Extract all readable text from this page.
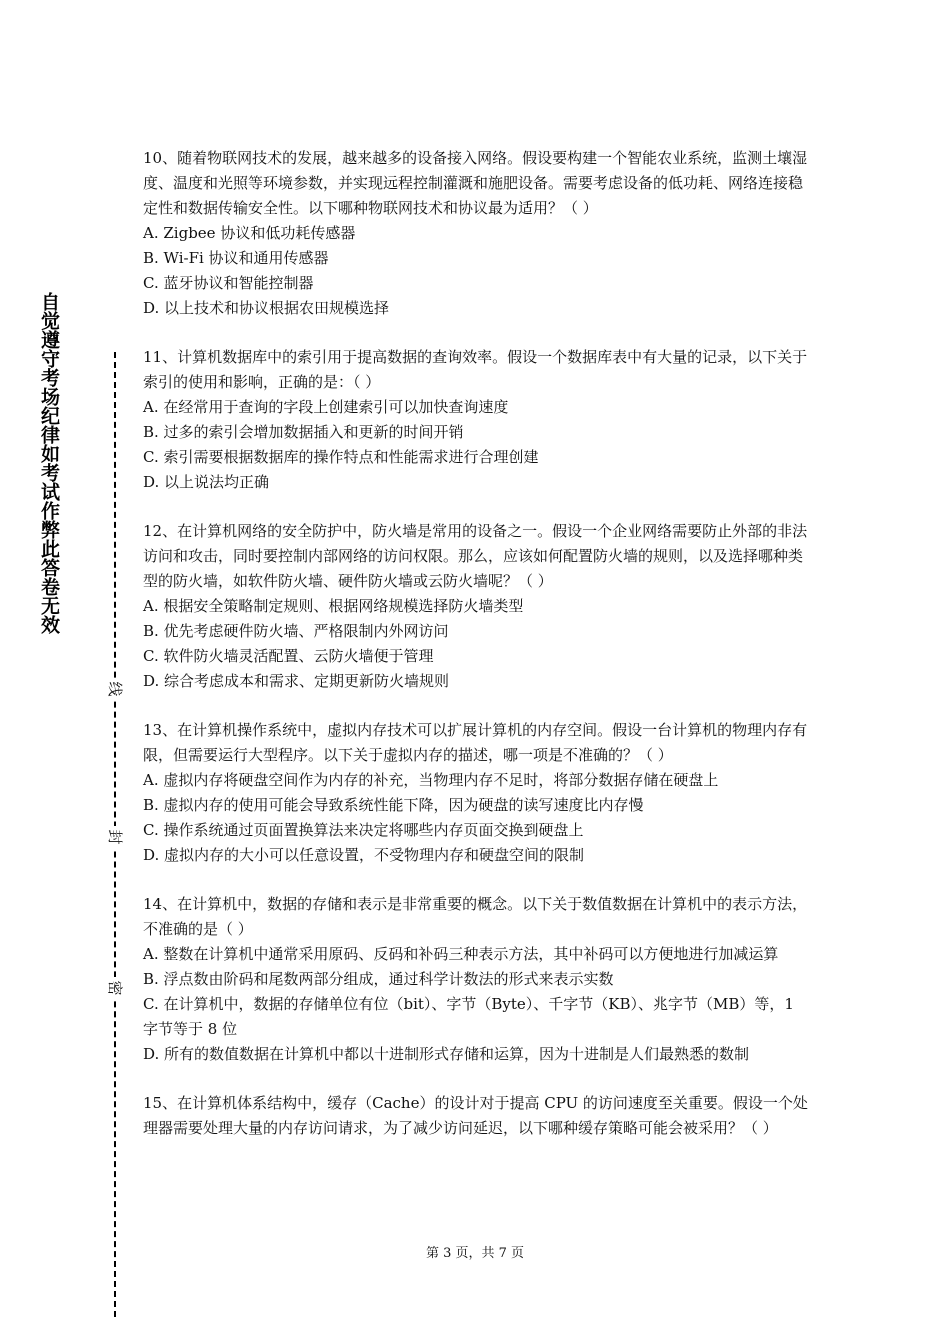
自觉遵守考场纪律如考试作弊此答卷无效
线
封
密

10、随着物联网技术的发展，越来越多的设备接入网络。假设要构建一个智能农业系统，监测土壤湿度、温度和光照等环境参数，并实现远程控制灌溉和施肥设备。需要考虑设备的低功耗、网络连接稳定性和数据传输安全性。以下哪种物联网技术和协议最为适用？（ ）

A. Zigbee 协议和低功耗传感器

B. Wi-Fi 协议和通用传感器

C. 蓝牙协议和智能控制器

D. 以上技术和协议根据农田规模选择

11、计算机数据库中的索引用于提高数据的查询效率。假设一个数据库表中有大量的记录，以下关于索引的使用和影响，正确的是：（ ）

A. 在经常用于查询的字段上创建索引可以加快查询速度

B. 过多的索引会增加数据插入和更新的时间开销

C. 索引需要根据数据库的操作特点和性能需求进行合理创建

D. 以上说法均正确

12、在计算机网络的安全防护中，防火墙是常用的设备之一。假设一个企业网络需要防止外部的非法访问和攻击，同时要控制内部网络的访问权限。那么，应该如何配置防火墙的规则，以及选择哪种类型的防火墙，如软件防火墙、硬件防火墙或云防火墙呢？（ ）

A. 根据安全策略制定规则、根据网络规模选择防火墙类型

B. 优先考虑硬件防火墙、严格限制内外网访问

C. 软件防火墙灵活配置、云防火墙便于管理

D. 综合考虑成本和需求、定期更新防火墙规则

13、在计算机操作系统中，虚拟内存技术可以扩展计算机的内存空间。假设一台计算机的物理内存有限，但需要运行大型程序。以下关于虚拟内存的描述，哪一项是不准确的？（ ）

A. 虚拟内存将硬盘空间作为内存的补充，当物理内存不足时，将部分数据存储在硬盘上

B. 虚拟内存的使用可能会导致系统性能下降，因为硬盘的读写速度比内存慢

C. 操作系统通过页面置换算法来决定将哪些内存页面交换到硬盘上

D. 虚拟内存的大小可以任意设置，不受物理内存和硬盘空间的限制

14、在计算机中，数据的存储和表示是非常重要的概念。以下关于数值数据在计算机中的表示方法，不准确的是（ ）

A. 整数在计算机中通常采用原码、反码和补码三种表示方法，其中补码可以方便地进行加减运算

B. 浮点数由阶码和尾数两部分组成，通过科学计数法的形式来表示实数

C. 在计算机中，数据的存储单位有位（bit）、字节（Byte）、千字节（KB）、兆字节（MB）等，1 字节等于 8 位

D. 所有的数值数据在计算机中都以十进制形式存储和运算，因为十进制是人们最熟悉的数制

15、在计算机体系结构中，缓存（Cache）的设计对于提高 CPU 的访问速度至关重要。假设一个处理器需要处理大量的内存访问请求，为了减少访问延迟，以下哪种缓存策略可能会被采用？（ ）

第 3 页，共 7 页
